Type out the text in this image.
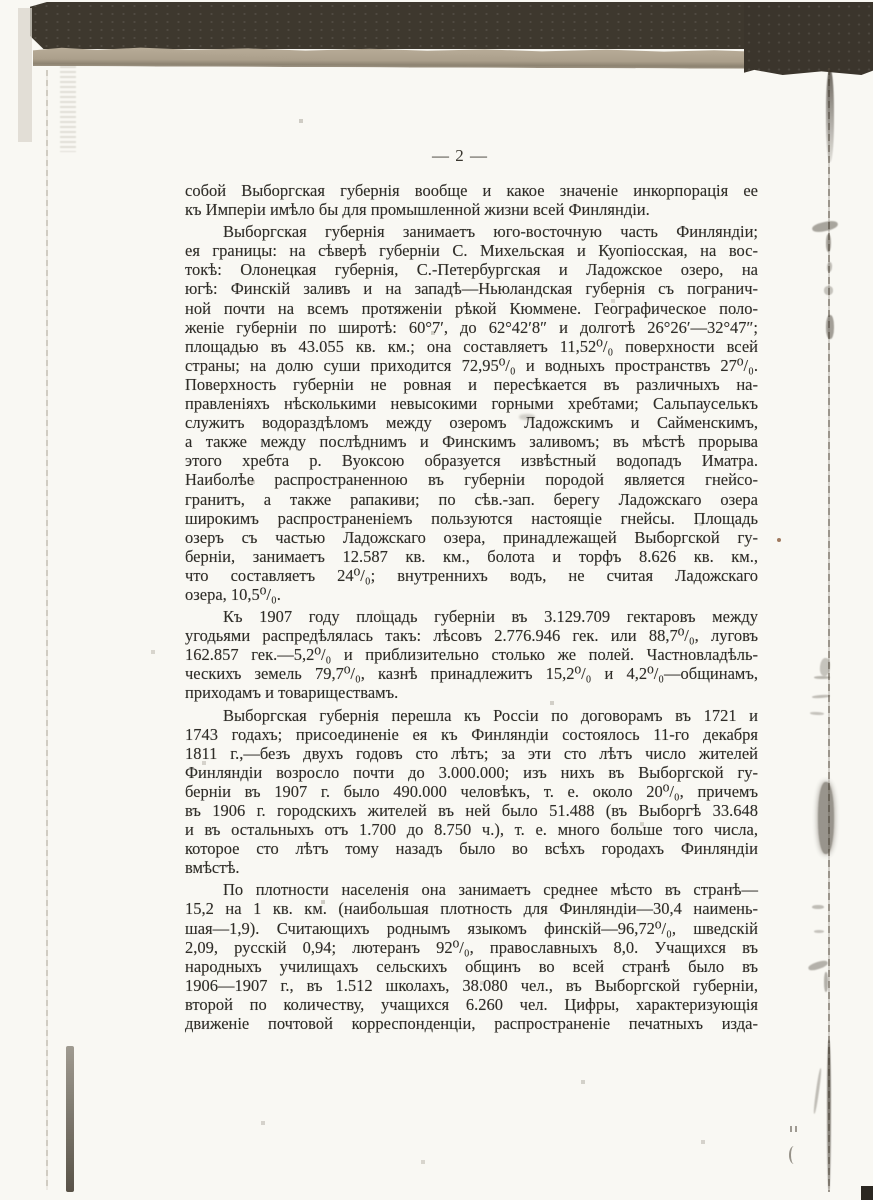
— 2 —
собой Выборгская губернія вообще и какое значеніе инкорпорація ее
къ Имперіи имѣло бы для промышленной жизни всей Финляндіи.
Выборгская губернія занимаетъ юго-восточную часть Финляндіи;
ея границы: на сѣверѣ губерніи С. Михельская и Куопіосская, на вос-
токѣ: Олонецкая губернія, С.-Петербургская и Ладожское озеро, на
югѣ: Финскій заливъ и на западѣ—Ньюландская губернія съ погранич-
ной почти на всемъ протяженіи рѣкой Кюммене. Географическое поло-
женіе губерніи по широтѣ: 60°7′, до 62°42′8″ и долготѣ 26°26′—32°47″;
площадью въ 43.055 кв. км.; она составляетъ 11,52⁰/₀ поверхности всей
страны; на долю суши приходится 72,95⁰/₀ и водныхъ пространствъ 27⁰/₀.
Поверхность губерніи не ровная и пересѣкается въ различныхъ на-
правленіяхъ нѣсколькими невысокими горными хребтами; Сальпауселькъ
служитъ водораздѣломъ между озеромъ Ладожскимъ и Сайменскимъ,
а также между послѣднимъ и Финскимъ заливомъ; въ мѣстѣ прорыва
этого хребта р. Вуоксою образуется извѣстный водопадъ Иматра.
Наиболѣе распространенною въ губерніи породой является гнейсо-
гранитъ, а также рапакиви; по сѣв.-зап. берегу Ладожскаго озера
широкимъ распространеніемъ пользуются настоящіе гнейсы. Площадь
озеръ съ частью Ладожскаго озера, принадлежащей Выборгской гу-
берніи, занимаетъ 12.587 кв. км., болота и торфъ 8.626 кв. км.,
что составляетъ 24⁰/₀; внутреннихъ водъ, не считая Ладожскаго
озера, 10,5⁰/₀.
Къ 1907 году площадь губерніи въ 3.129.709 гектаровъ между
угодьями распредѣлялась такъ: лѣсовъ 2.776.946 гек. или 88,7⁰/₀, луговъ
162.857 гек.—5,2⁰/₀ и приблизительно столько же полей. Частновладѣль-
ческихъ земель 79,7⁰/₀, казнѣ принадлежитъ 15,2⁰/₀ и 4,2⁰/₀—общинамъ,
приходамъ и товариществамъ.
Выборгская губернія перешла къ Россіи по договорамъ въ 1721 и
1743 годахъ; присоединеніе ея къ Финляндіи состоялось 11-го декабря
1811 г.,—безъ двухъ годовъ сто лѣтъ; за эти сто лѣтъ число жителей
Финляндіи возросло почти до 3.000.000; изъ нихъ въ Выборгской гу-
берніи въ 1907 г. было 490.000 человѣкъ, т. е. около 20⁰/₀, причемъ
въ 1906 г. городскихъ жителей въ ней было 51.488 (въ Выборгѣ 33.648
и въ остальныхъ отъ 1.700 до 8.750 ч.), т. е. много больше того числа,
которое сто лѣтъ тому назадъ было во всѣхъ городахъ Финляндіи
вмѣстѣ.
По плотности населенія она занимаетъ среднее мѣсто въ странѣ—
15,2 на 1 кв. км. (наибольшая плотность для Финляндіи—30,4 наимень-
шая—1,9). Считающихъ роднымъ языкомъ финскій—96,72⁰/₀, шведскій
2,09, русскій 0,94; лютеранъ 92⁰/₀, православныхъ 8,0. Учащихся въ
народныхъ училищахъ сельскихъ общинъ во всей странѣ было въ
1906—1907 г., въ 1.512 школахъ, 38.080 чел., въ Выборгской губерніи,
второй по количеству, учащихся 6.260 чел. Цифры, характеризующія
движеніе почтовой корреспонденціи, распространеніе печатныхъ изда-
